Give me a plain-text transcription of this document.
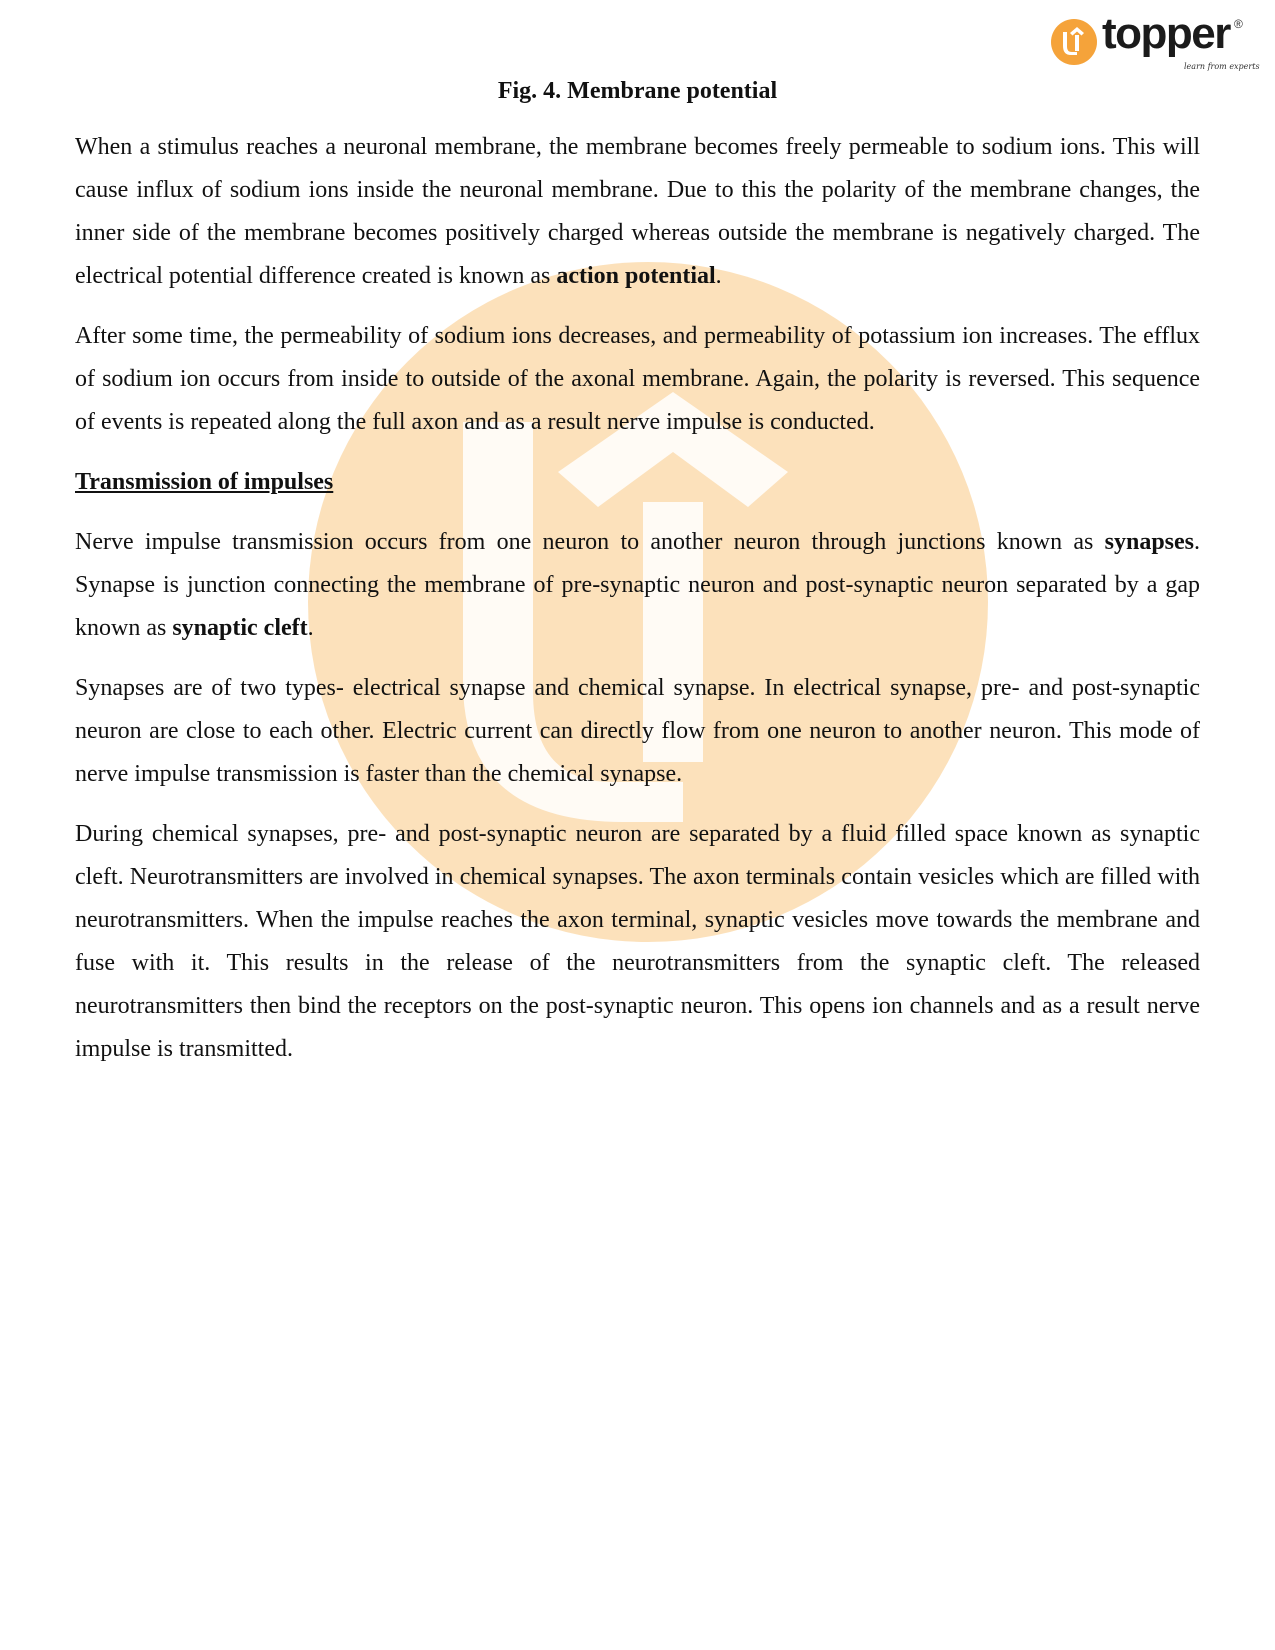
topper ®
learn from experts
Fig. 4. Membrane potential

When a stimulus reaches a neuronal membrane, the membrane becomes freely permeable to sodium ions. This will cause influx of sodium ions inside the neuronal membrane. Due to this the polarity of the membrane changes, the inner side of the membrane becomes positively charged whereas outside the membrane is negatively charged. The electrical potential difference created is known as action potential.

After some time, the permeability of sodium ions decreases, and permeability of potassium ion increases. The efflux of sodium ion occurs from inside to outside of the axonal membrane. Again, the polarity is reversed. This sequence of events is repeated along the full axon and as a result nerve impulse is conducted.

Transmission of impulses

Nerve impulse transmission occurs from one neuron to another neuron through junctions known as synapses. Synapse is junction connecting the membrane of pre-synaptic neuron and post-synaptic neuron separated by a gap known as synaptic cleft.

Synapses are of two types- electrical synapse and chemical synapse. In electrical synapse, pre- and post-synaptic neuron are close to each other. Electric current can directly flow from one neuron to another neuron. This mode of nerve impulse transmission is faster than the chemical synapse.

During chemical synapses, pre- and post-synaptic neuron are separated by a fluid filled space known as synaptic cleft. Neurotransmitters are involved in chemical synapses. The axon terminals contain vesicles which are filled with neurotransmitters. When the impulse reaches the axon terminal, synaptic vesicles move towards the membrane and fuse with it. This results in the release of the neurotransmitters from the synaptic cleft. The released neurotransmitters then bind the receptors on the post-synaptic neuron. This opens ion channels and as a result nerve impulse is transmitted.
